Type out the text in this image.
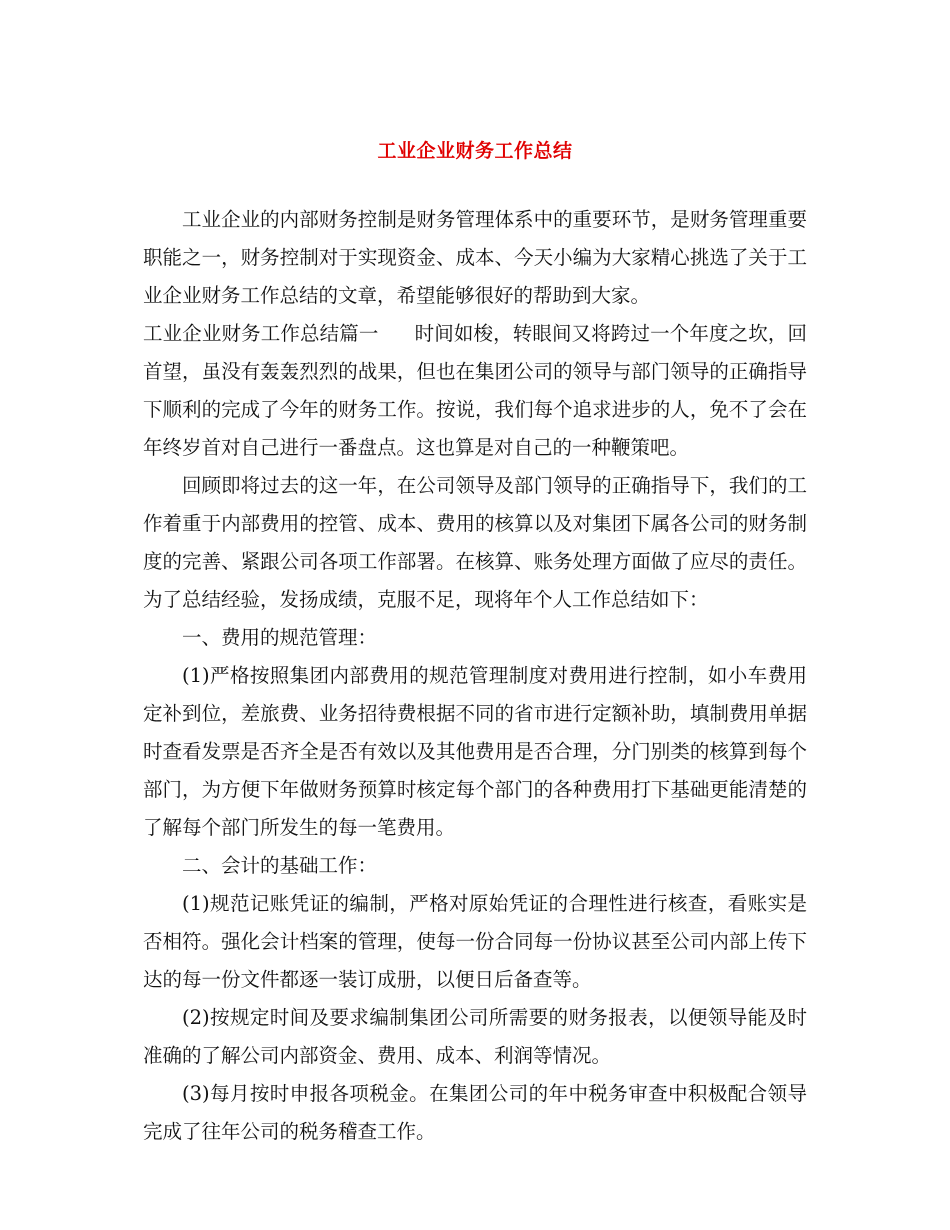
工业企业财务工作总结

工业企业的内部财务控制是财务管理体系中的重要环节，是财务管理重要职能之一，财务控制对于实现资金、成本、今天小编为大家精心挑选了关于工业企业财务工作总结的文章，希望能够很好的帮助到大家。

工业企业财务工作总结篇一 时间如梭，转眼间又将跨过一个年度之坎，回首望，虽没有轰轰烈烈的战果，但也在集团公司的领导与部门领导的正确指导下顺利的完成了今年的财务工作。按说，我们每个追求进步的人，免不了会在年终岁首对自己进行一番盘点。这也算是对自己的一种鞭策吧。

回顾即将过去的这一年，在公司领导及部门领导的正确指导下，我们的工作着重于内部费用的控管、成本、费用的核算以及对集团下属各公司的财务制度的完善、紧跟公司各项工作部署。在核算、账务处理方面做了应尽的责任。为了总结经验，发扬成绩，克服不足，现将年个人工作总结如下：

一、费用的规范管理：

(1)严格按照集团内部费用的规范管理制度对费用进行控制，如小车费用定补到位，差旅费、业务招待费根据不同的省市进行定额补助，填制费用单据时查看发票是否齐全是否有效以及其他费用是否合理，分门别类的核算到每个部门，为方便下年做财务预算时核定每个部门的各种费用打下基础更能清楚的了解每个部门所发生的每一笔费用。

二、会计的基础工作：

(1)规范记账凭证的编制，严格对原始凭证的合理性进行核查，看账实是否相符。强化会计档案的管理，使每一份合同每一份协议甚至公司内部上传下达的每一份文件都逐一装订成册，以便日后备查等。

(2)按规定时间及要求编制集团公司所需要的财务报表，以便领导能及时准确的了解公司内部资金、费用、成本、利润等情况。

(3)每月按时申报各项税金。在集团公司的年中税务审查中积极配合领导完成了往年公司的税务稽查工作。
